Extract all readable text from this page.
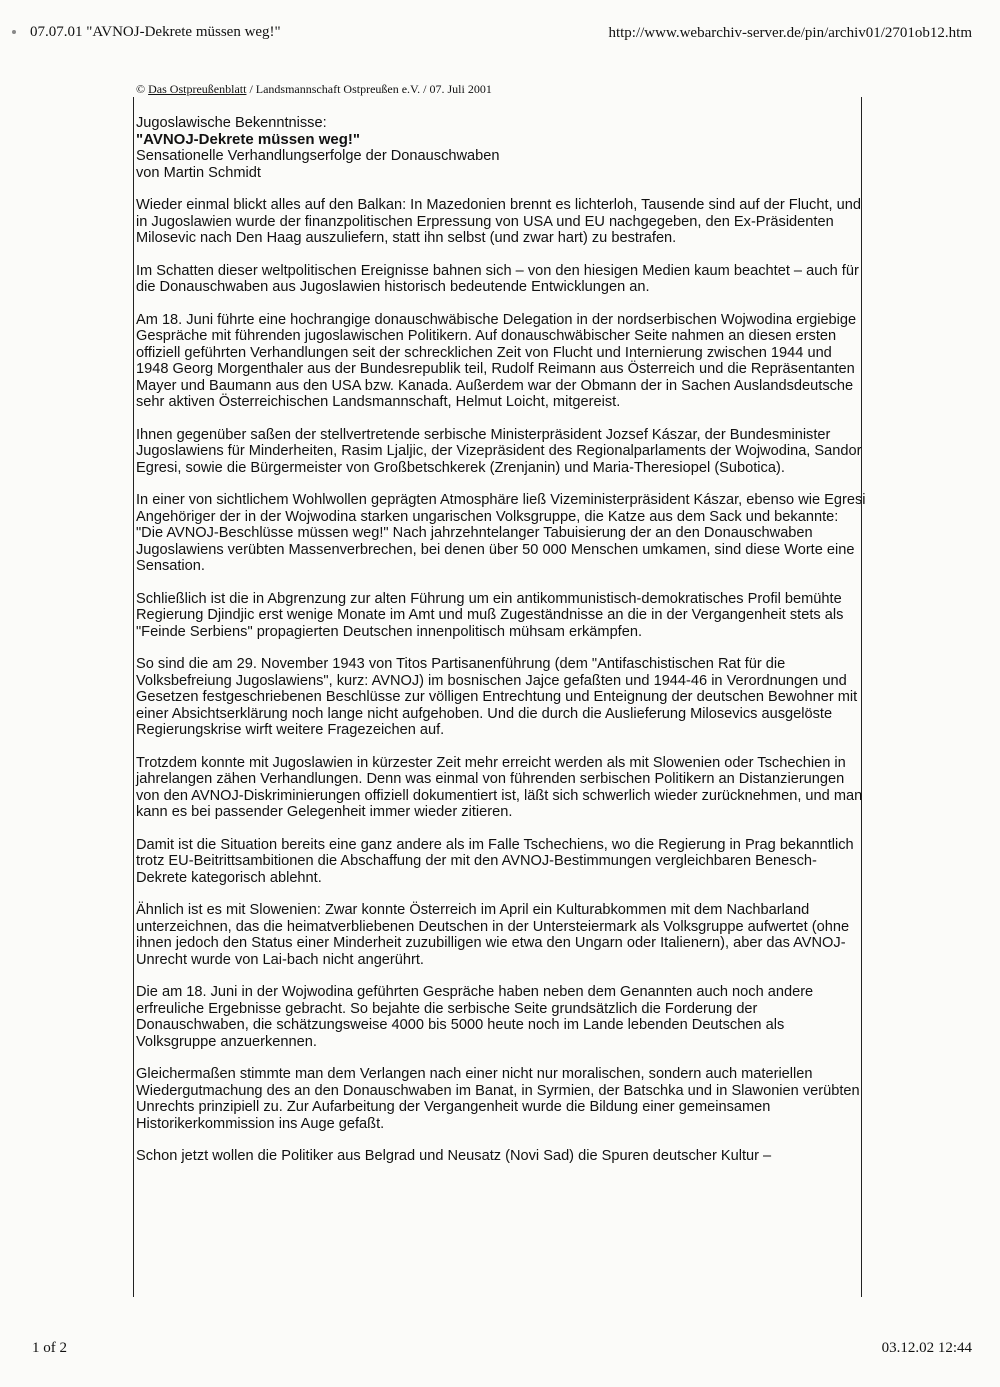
07.07.01 "AVNOJ-Dekrete müssen weg!"	http://www.webarchiv-server.de/pin/archiv01/2701ob12.htm
© Das Ostpreußenblatt / Landsmannschaft Ostpreußen e.V. / 07. Juli 2001
Jugoslawische Bekenntnisse:
"AVNOJ-Dekrete müssen weg!"
Sensationelle Verhandlungserfolge der Donauschwaben
von Martin Schmidt

Wieder einmal blickt alles auf den Balkan: In Mazedonien brennt es lichterloh, Tausende sind auf der Flucht, und in Jugoslawien wurde der finanzpolitischen Erpressung von USA und EU nachgegeben, den Ex-Präsidenten Milosevic nach Den Haag auszuliefern, statt ihn selbst (und zwar hart) zu bestrafen.

Im Schatten dieser weltpolitischen Ereignisse bahnen sich – von den hiesigen Medien kaum beachtet – auch für die Donauschwaben aus Jugoslawien historisch bedeutende Entwicklungen an.

Am 18. Juni führte eine hochrangige donauschwäbische Delegation in der nordserbischen Wojwodina ergiebige Gespräche mit führenden jugoslawischen Politikern. Auf donauschwäbischer Seite nahmen an diesen ersten offiziell geführten Verhandlungen seit der schrecklichen Zeit von Flucht und Internierung zwischen 1944 und 1948 Georg Morgenthaler aus der Bundesrepublik teil, Rudolf Reimann aus Österreich und die Repräsentanten Mayer und Baumann aus den USA bzw. Kanada. Außerdem war der Obmann der in Sachen Auslandsdeutsche sehr aktiven Österreichischen Landsmannschaft, Helmut Loicht, mitgereist.

Ihnen gegenüber saßen der stellvertretende serbische Ministerpräsident Jozsef Kászar, der Bundesminister Jugoslawiens für Minderheiten, Rasim Ljaljic, der Vizepräsident des Regionalparlaments der Wojwodina, Sandor Egresi, sowie die Bürgermeister von Großbetschkerek (Zrenjanin) und Maria-Theresiopel (Subotica).

In einer von sichtlichem Wohlwollen geprägten Atmosphäre ließ Vizeministerpräsident Kászar, ebenso wie Egresi Angehöriger der in der Wojwodina starken ungarischen Volksgruppe, die Katze aus dem Sack und bekannte: "Die AVNOJ-Beschlüsse müssen weg!" Nach jahrzehntelanger Tabuisierung der an den Donauschwaben Jugoslawiens verübten Massenverbrechen, bei denen über 50 000 Menschen umkamen, sind diese Worte eine Sensation.

Schließlich ist die in Abgrenzung zur alten Führung um ein antikommunistisch-demokratisches Profil bemühte Regierung Djindjic erst wenige Monate im Amt und muß Zugeständnisse an die in der Vergangenheit stets als "Feinde Serbiens" propagierten Deutschen innenpolitisch mühsam erkämpfen.

So sind die am 29. November 1943 von Titos Partisanenführung (dem "Antifaschistischen Rat für die Volksbefreiung Jugoslawiens", kurz: AVNOJ) im bosnischen Jajce gefaßten und 1944-46 in Verordnungen und Gesetzen festgeschriebenen Beschlüsse zur völligen Entrechtung und Enteignung der deutschen Bewohner mit einer Absichtserklärung noch lange nicht aufgehoben. Und die durch die Auslieferung Milosevics ausgelöste Regierungskrise wirft weitere Fragezeichen auf.

Trotzdem konnte mit Jugoslawien in kürzester Zeit mehr erreicht werden als mit Slowenien oder Tschechien in jahrelangen zähen Verhandlungen. Denn was einmal von führenden serbischen Politikern an Distanzierungen von den AVNOJ-Diskriminierungen offiziell dokumentiert ist, läßt sich schwerlich wieder zurücknehmen, und man kann es bei passender Gelegenheit immer wieder zitieren.

Damit ist die Situation bereits eine ganz andere als im Falle Tschechiens, wo die Regierung in Prag bekanntlich trotz EU-Beitrittsambitionen die Abschaffung der mit den AVNOJ-Bestimmungen vergleichbaren Benesch-Dekrete kategorisch ablehnt.

Ähnlich ist es mit Slowenien: Zwar konnte Österreich im April ein Kulturabkommen mit dem Nachbarland unterzeichnen, das die heimatverbliebenen Deutschen in der Untersteiermark als Volksgruppe aufwertet (ohne ihnen jedoch den Status einer Minderheit zuzubilligen wie etwa den Ungarn oder Italienern), aber das AVNOJ-Unrecht wurde von Lai-bach nicht angerührt.

Die am 18. Juni in der Wojwodina geführten Gespräche haben neben dem Genannten auch noch andere erfreuliche Ergebnisse gebracht. So bejahte die serbische Seite grundsätzlich die Forderung der Donauschwaben, die schätzungsweise 4000 bis 5000 heute noch im Lande lebenden Deutschen als Volksgruppe anzuerkennen.

Gleichermaßen stimmte man dem Verlangen nach einer nicht nur moralischen, sondern auch materiellen Wiedergutmachung des an den Donauschwaben im Banat, in Syrmien, der Batschka und in Slawonien verübten Unrechts prinzipiell zu. Zur Aufarbeitung der Vergangenheit wurde die Bildung einer gemeinsamen Historikerkommission ins Auge gefaßt.

Schon jetzt wollen die Politiker aus Belgrad und Neusatz (Novi Sad) die Spuren deutscher Kultur –

1 of 2	03.12.02 12:44
